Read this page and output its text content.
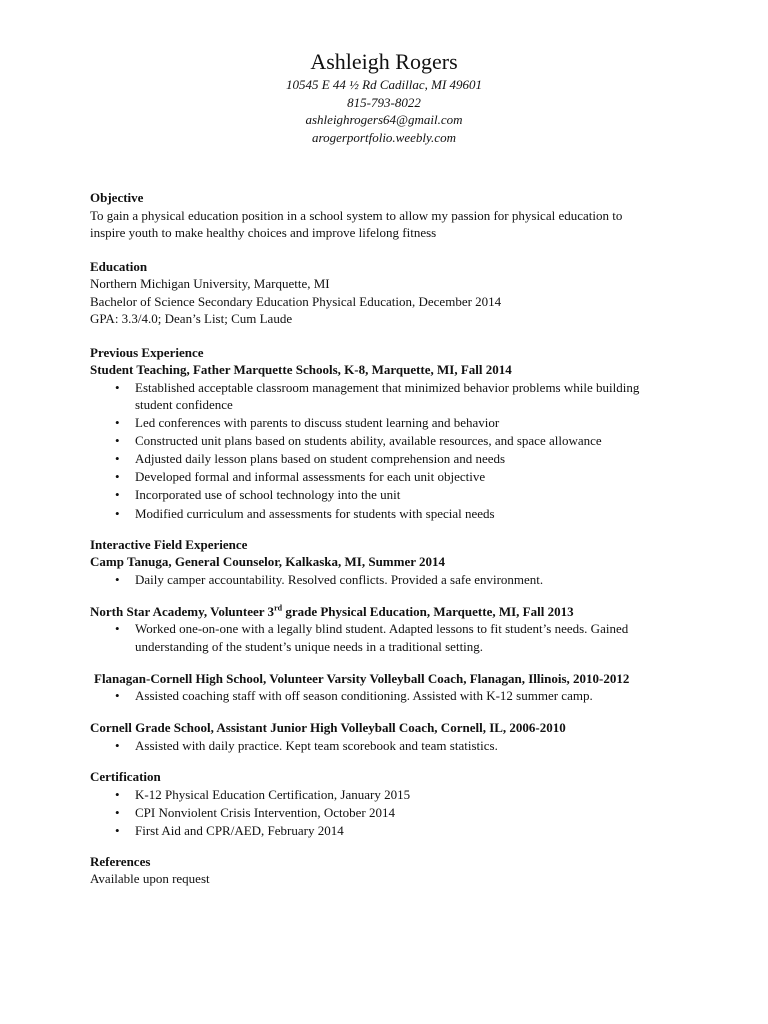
Ashleigh Rogers
10545 E 44 ½ Rd Cadillac, MI 49601
815-793-8022
ashleighrogers64@gmail.com
arogerportfolio.weebly.com
Objective

To gain a physical education position in a school system to allow my passion for physical education to

inspire youth to make healthy choices and improve lifelong fitness

Education

Northern Michigan University, Marquette, MI

Bachelor of Science Secondary Education Physical Education, December 2014

GPA: 3.3/4.0; Dean’s List; Cum Laude

Previous Experience
Student Teaching, Father Marquette Schools, K-8, Marquette, MI, Fall 2014
• Established acceptable classroom management that minimized behavior problems while building
student confidence
• Led conferences with parents to discuss student learning and behavior
• Constructed unit plans based on students ability, available resources, and space allowance
• Adjusted daily lesson plans based on student comprehension and needs
• Developed formal and informal assessments for each unit objective
• Incorporated use of school technology into the unit
• Modified curriculum and assessments for students with special needs
Interactive Field Experience
Camp Tanuga, General Counselor, Kalkaska, MI, Summer 2014
• Daily camper accountability. Resolved conflicts. Provided a safe environment.
North Star Academy, Volunteer 3rd grade Physical Education, Marquette, MI, Fall 2013
• Worked one-on-one with a legally blind student. Adapted lessons to fit student’s needs. Gained
understanding of the student’s unique needs in a traditional setting.
Flanagan-Cornell High School, Volunteer Varsity Volleyball Coach, Flanagan, Illinois, 2010-2012
• Assisted coaching staff with off season conditioning. Assisted with K-12 summer camp.
Cornell Grade School, Assistant Junior High Volleyball Coach, Cornell, IL, 2006-2010
• Assisted with daily practice. Kept team scorebook and team statistics.
Certification
• K-12 Physical Education Certification, January 2015
• CPI Nonviolent Crisis Intervention, October 2014
• First Aid and CPR/AED, February 2014
References

Available upon request
